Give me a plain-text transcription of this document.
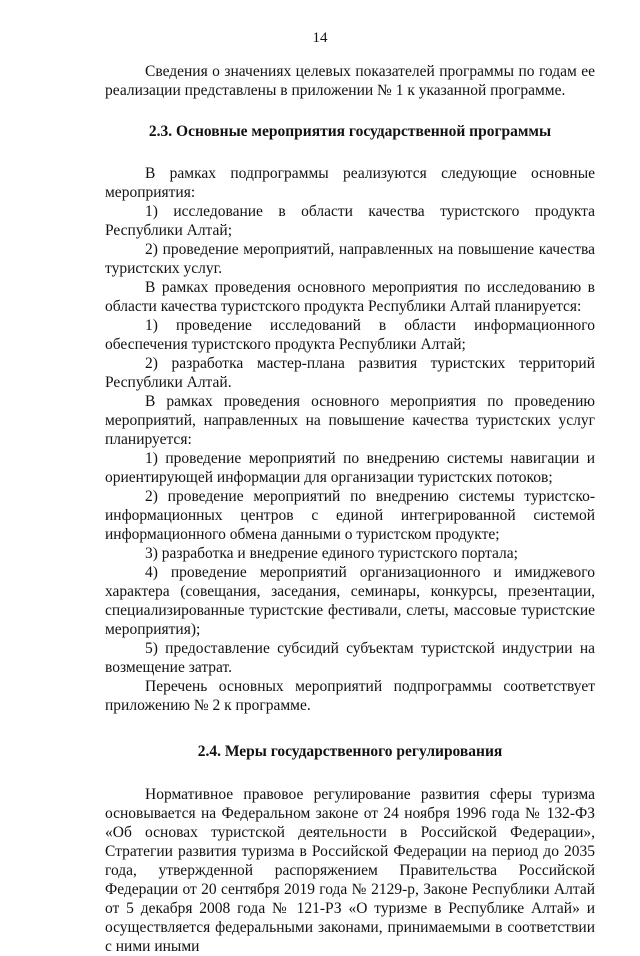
14

Сведения о значениях целевых показателей программы по годам ее реализации представлены в приложении № 1 к указанной программе.

2.3. Основные мероприятия государственной программы

В рамках подпрограммы реализуются следующие основные мероприятия:

1) исследование в области качества туристского продукта Республики Алтай;

2) проведение мероприятий, направленных на повышение качества туристских услуг.

В рамках проведения основного мероприятия по исследованию в области качества туристского продукта Республики Алтай планируется:

1) проведение исследований в области информационного обеспечения туристского продукта Республики Алтай;

2) разработка мастер-плана развития туристских территорий Республики Алтай.

В рамках проведения основного мероприятия по проведению мероприятий, направленных на повышение качества туристских услуг планируется:

1) проведение мероприятий по внедрению системы навигации и ориентирующей информации для организации туристских потоков;

2) проведение мероприятий по внедрению системы туристско-информационных центров с единой интегрированной системой информационного обмена данными о туристском продукте;

3) разработка и внедрение единого туристского портала;

4) проведение мероприятий организационного и имиджевого характера (совещания, заседания, семинары, конкурсы, презентации, специализированные туристские фестивали, слеты, массовые туристские мероприятия);

5) предоставление субсидий субъектам туристской индустрии на возмещение затрат.

Перечень основных мероприятий подпрограммы соответствует приложению № 2 к программе.

2.4. Меры государственного регулирования

Нормативное правовое регулирование развития сферы туризма основывается на Федеральном законе от 24 ноября 1996 года № 132-ФЗ «Об основах туристской деятельности в Российской Федерации», Стратегии развития туризма в Российской Федерации на период до 2035 года, утвержденной распоряжением Правительства Российской Федерации от 20 сентября 2019 года № 2129-р, Законе Республики Алтай от 5 декабря 2008 года № 121-РЗ «О туризме в Республике Алтай» и осуществляется федеральными законами, принимаемыми в соответствии с ними иными
